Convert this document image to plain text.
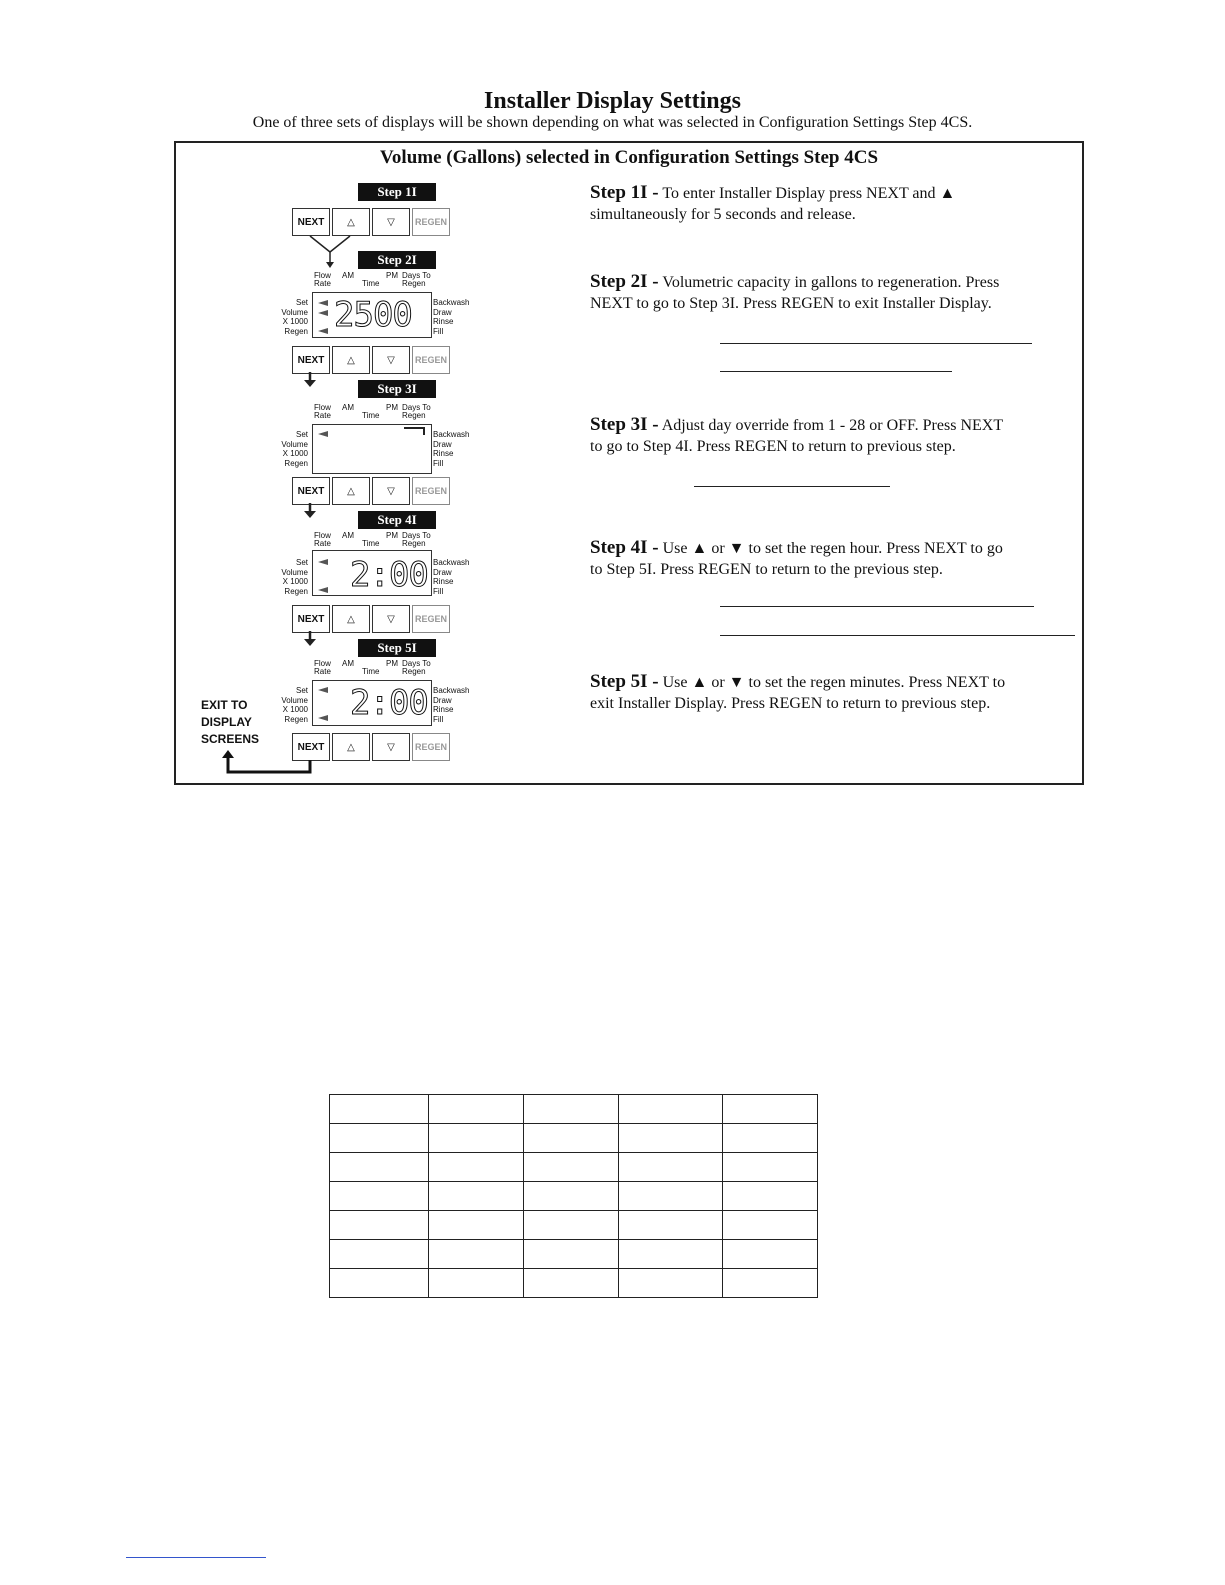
Installer Display Settings
One of three sets of displays will be shown depending on what was selected in Configuration Settings Step 4CS.
Volume (Gallons) selected in Configuration Settings Step 4CS
Step 1I
NEXT	△	▽	REGEN
Step 1I - To enter Installer Display press NEXT and ▲ simultaneously for 5 seconds and release.
Step 2I
Flow
Rate
AM
Time
PM Days To
Regen
Set
Volume
X 1000
Regen 2500	Backwash
Draw
Rinse
Fill
NEXT	△	▽	REGEN
Step 2I - Volumetric capacity in gallons to regeneration. Press NEXT to go to Step 3I. Press REGEN to exit Installer Display.
Step 3I
Flow
Rate
AM
Time
PM Days To
Regen
Set
Volume
X 1000
Regen
Backwash
Draw
Rinse
Fill
NEXT	△	▽	REGEN
Step 3I - Adjust day override from 1 - 28 or OFF. Press NEXT to go to Step 4I. Press REGEN to return to previous step.
Step 4I
Flow
Rate
AM
Time
PM Days To
Regen
Set
Volume
X 1000
Regen 2:00 Backwash
Draw
Rinse
Fill
NEXT	△	▽	REGEN
Step 4I - Use ▲ or ▼ to set the regen hour. Press NEXT to go to Step 5I. Press REGEN to return to the previous step.
Step 5I
Flow
Rate
AM
Time
PM Days To
Regen
Set
Volume
X 1000
Regen 2:00 Backwash
Draw
Rinse
Fill
NEXT	△	▽	REGEN
EXIT TO
DISPLAY
SCREENS
Step 5I - Use ▲ or ▼ to set the regen minutes. Press NEXT to exit Installer Display. Press REGEN to return to previous step.
